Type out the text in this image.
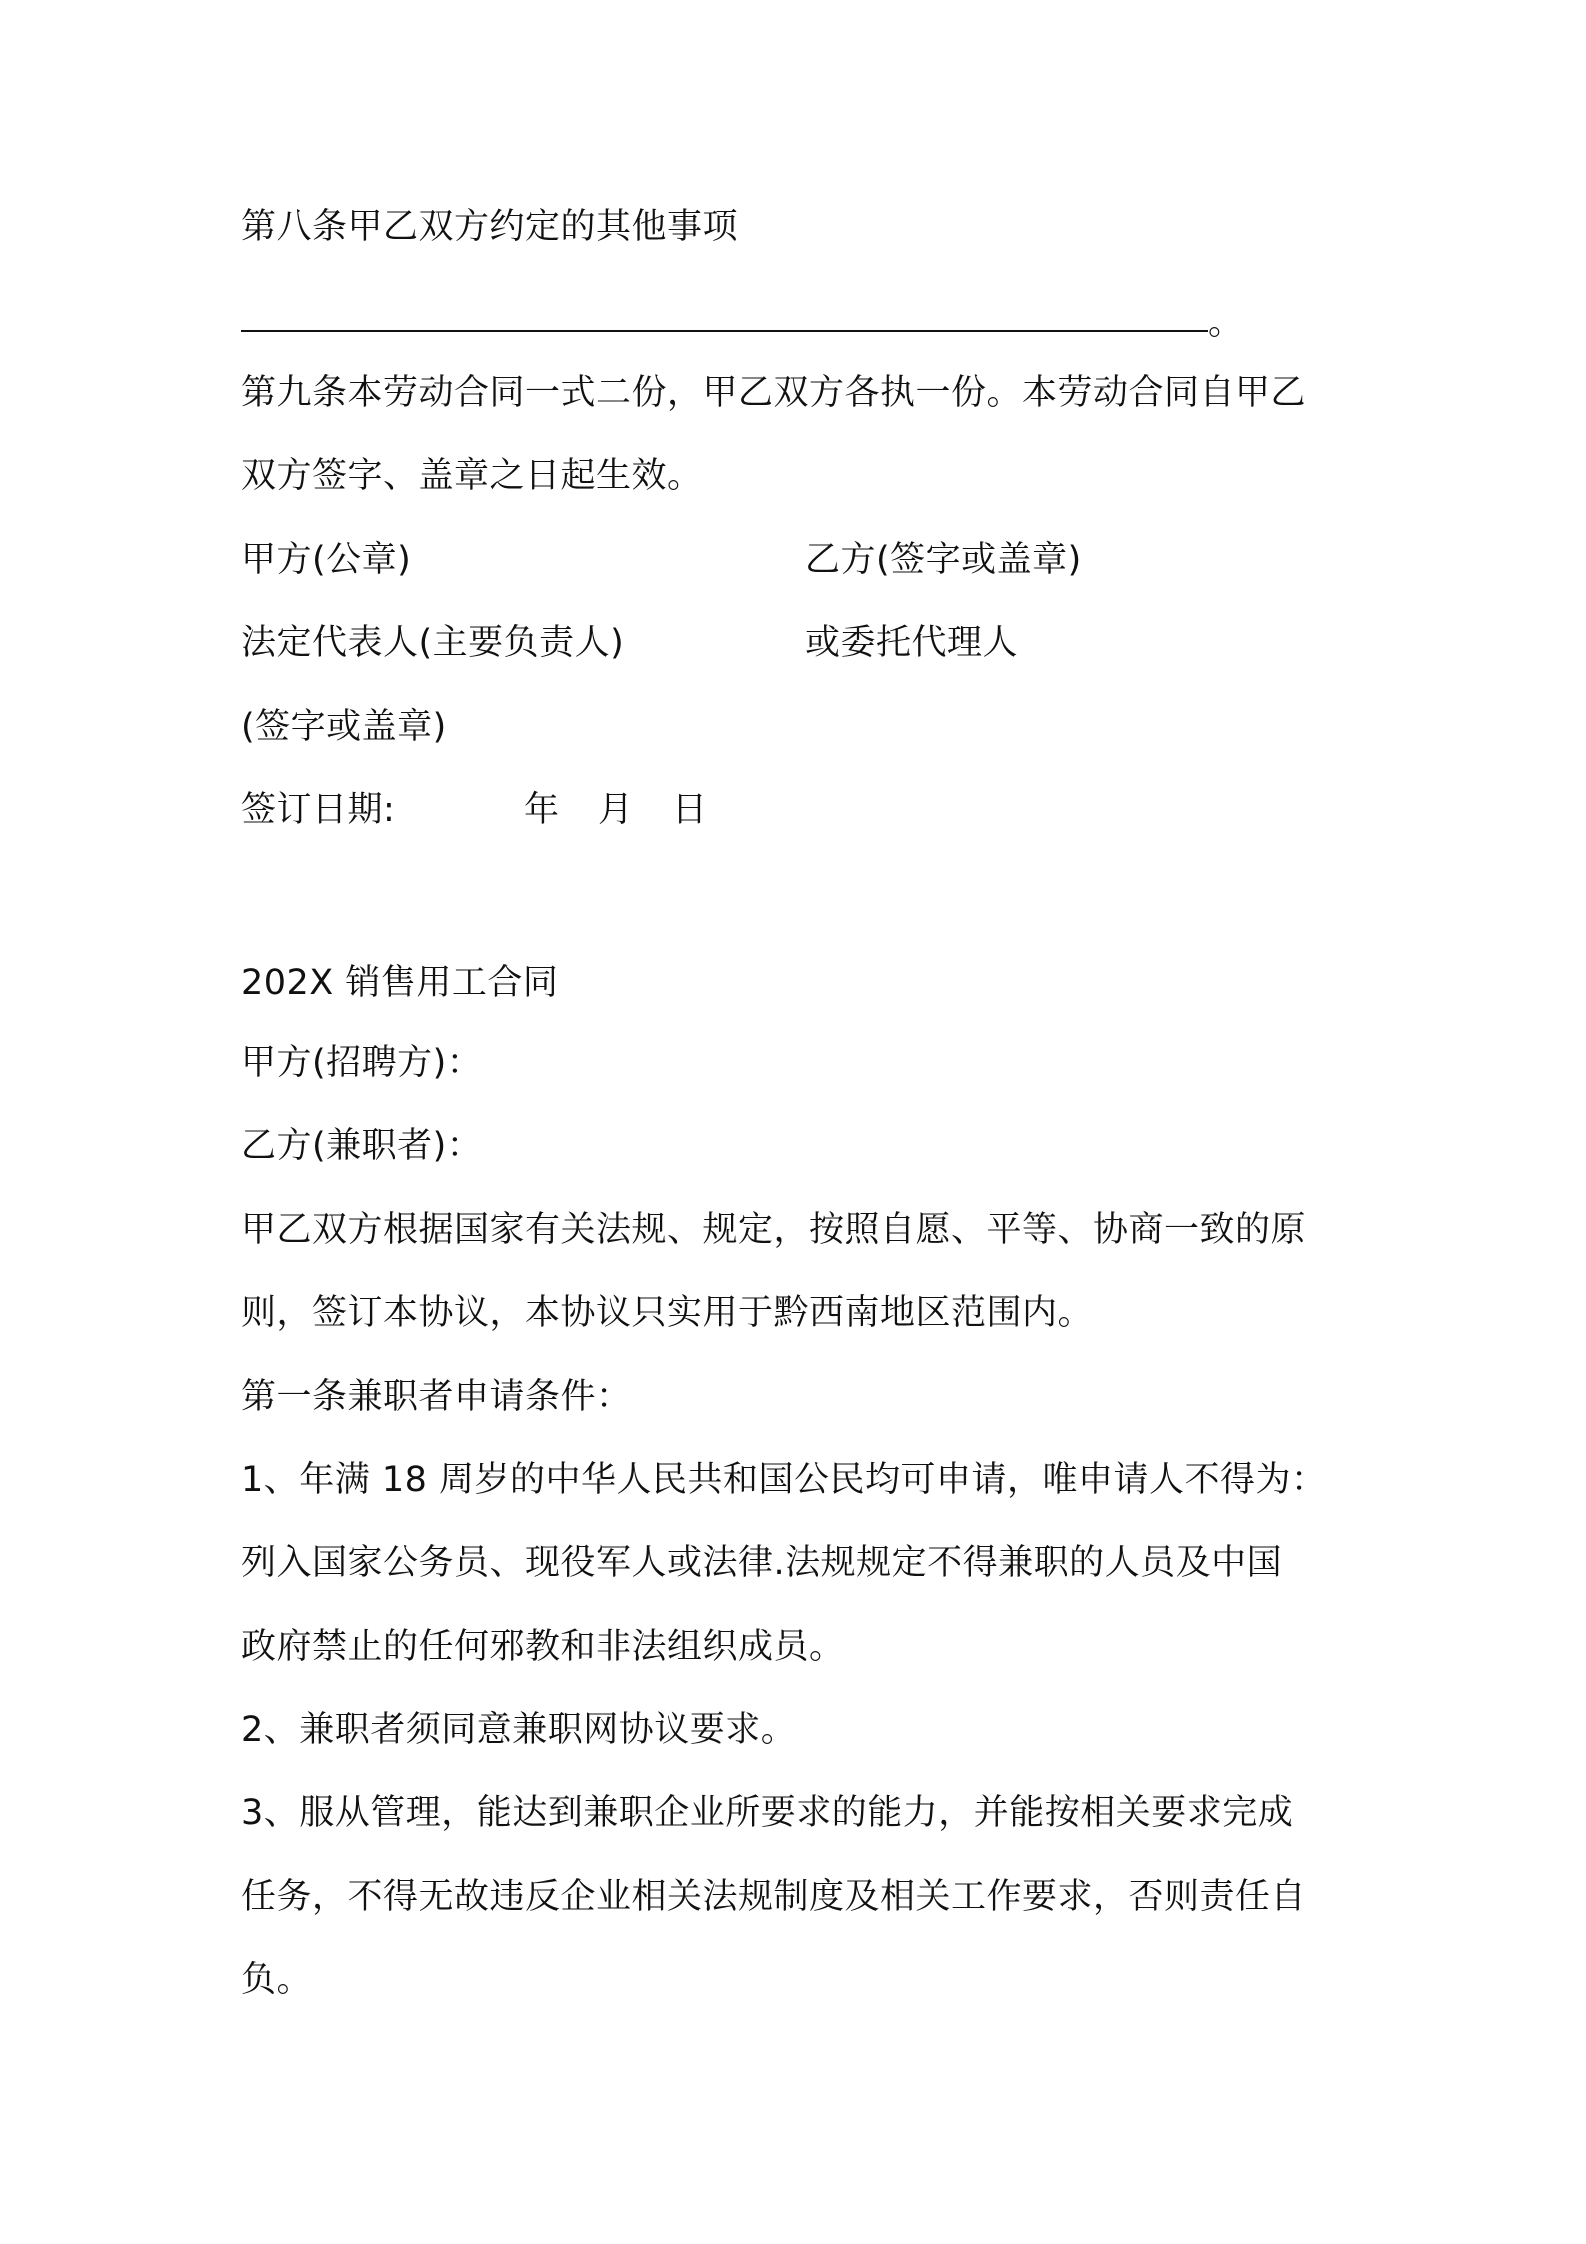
第八条甲乙双方约定的其他事项
。
第九条本劳动合同一式二份，甲乙双方各执一份。本劳动合同自甲乙
双方签字、盖章之日起生效。
甲方(公章)	乙方(签字或盖章)
法定代表人(主要负责人)	或委托代理人
(签字或盖章)
签订日期:	年 月 日
202X 销售用工合同
甲方(招聘方)：
乙方(兼职者)：
甲乙双方根据国家有关法规、规定，按照自愿、平等、协商一致的原
则，签订本协议，本协议只实用于黔西南地区范围内。
第一条兼职者申请条件：
1、年满 18 周岁的中华人民共和国公民均可申请，唯申请人不得为：
列入国家公务员、现役军人或法律.法规规定不得兼职的人员及中国
政府禁止的任何邪教和非法组织成员。
2、兼职者须同意兼职网协议要求。
3、服从管理，能达到兼职企业所要求的能力，并能按相关要求完成
任务，不得无故违反企业相关法规制度及相关工作要求，否则责任自
负。
